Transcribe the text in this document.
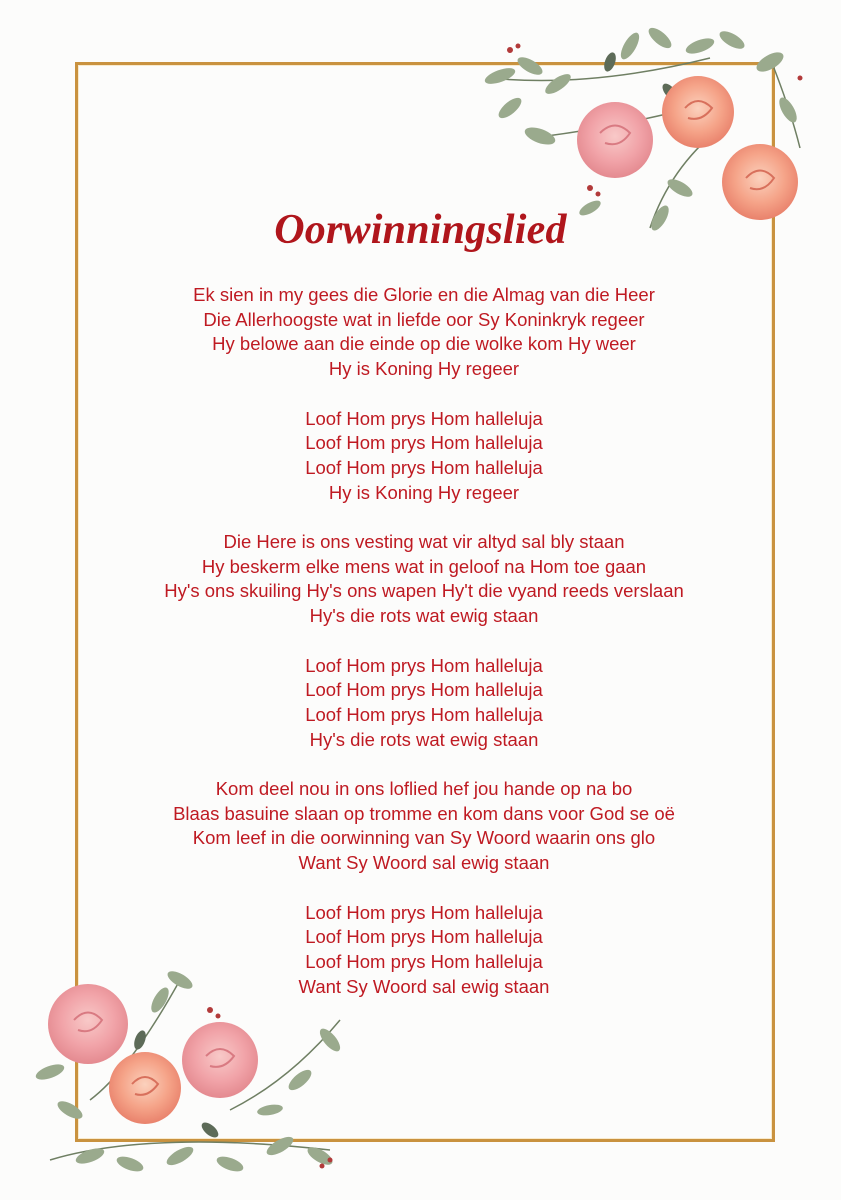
Oorwinningslied
Ek sien in my gees die Glorie en die Almag van die Heer
Die Allerhoogste wat in liefde oor Sy Koninkryk regeer
Hy belowe aan die einde op die wolke kom Hy weer
Hy is Koning Hy regeer
Loof Hom prys Hom halleluja
Loof Hom prys Hom halleluja
Loof Hom prys Hom halleluja
Hy is Koning Hy regeer
Die Here is ons vesting wat vir altyd sal bly staan
Hy beskerm elke mens wat in geloof na Hom toe gaan
Hy's ons skuiling Hy's ons wapen Hy't die vyand reeds verslaan
Hy's die rots wat ewig staan
Loof Hom prys Hom halleluja
Loof Hom prys Hom halleluja
Loof Hom prys Hom halleluja
Hy's die rots wat ewig staan
Kom deel nou in ons loflied hef jou hande op na bo
Blaas basuine slaan op tromme en kom dans voor God se oë
Kom leef in die oorwinning van Sy Woord waarin ons glo
Want Sy Woord sal ewig staan
Loof Hom prys Hom halleluja
Loof Hom prys Hom halleluja
Loof Hom prys Hom halleluja
Want Sy Woord sal ewig staan
